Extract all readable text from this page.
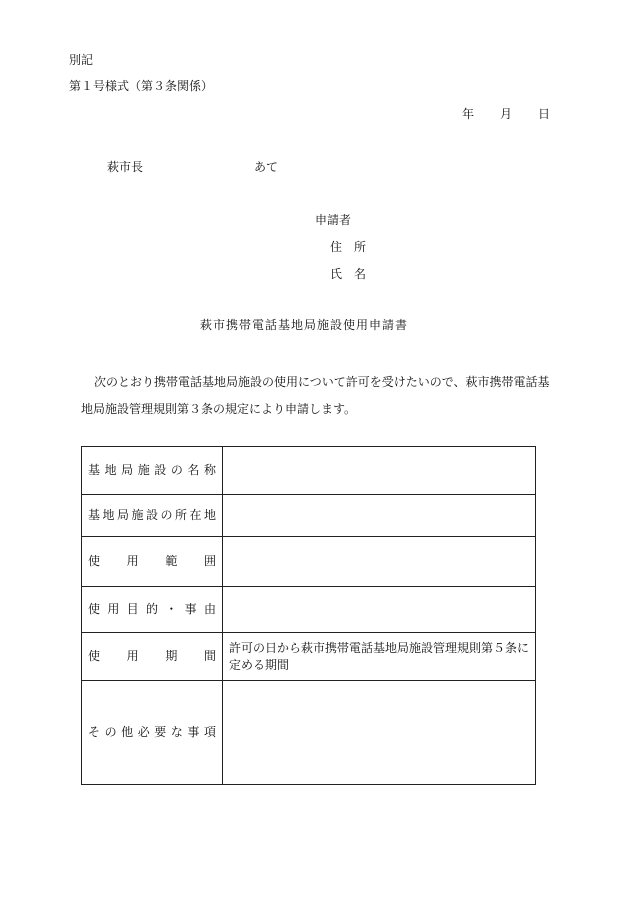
別記
第１号様式（第３条関係）
年 月 日
萩市長	あて
申請者
住　所
氏　名
萩市携帯電話基地局施設使用申請書
次のとおり携帯電話基地局施設の使用について許可を受けたいので、萩市携帯電話基地局施設管理規則第３条の規定により申請します。
基地局施設の名称	
基地局施設の所在地	
使用範囲	
使用目的・事由	
使用期間	許可の日から萩市携帯電話基地局施設管理規則第５条に定める期間
その他必要な事項	
